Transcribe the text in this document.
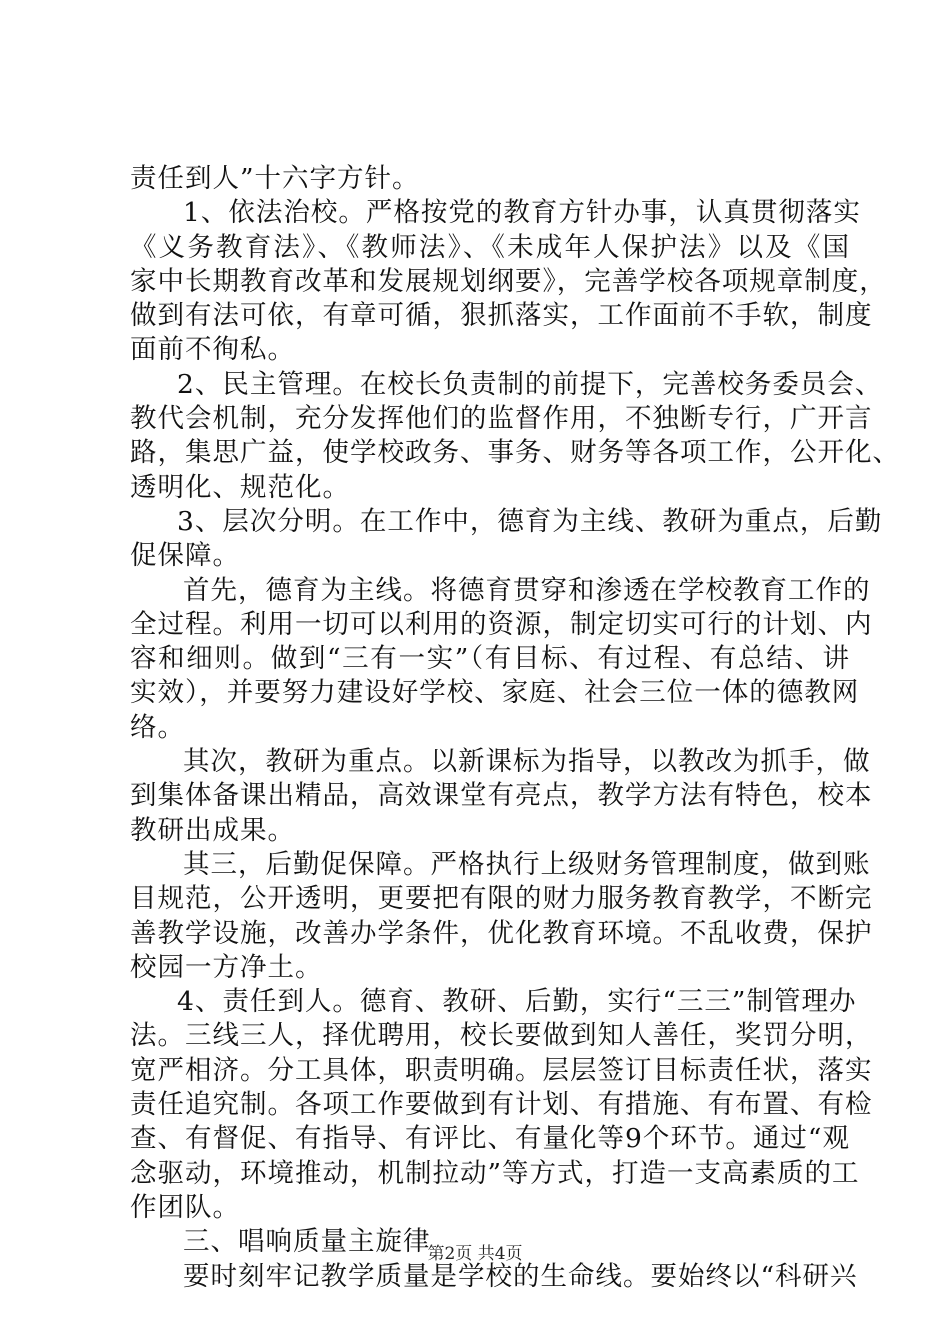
责任到人”十六字方针。
1、依法治校。严格按党的教育方针办事，认真贯彻落实
《义务教育法》、《教师法》、《未成年人保护法》以及《国
家中长期教育改革和发展规划纲要》，完善学校各项规章制度，
做到有法可依，有章可循，狠抓落实，工作面前不手软，制度
面前不徇私。
2、民主管理。在校长负责制的前提下，完善校务委员会、
教代会机制，充分发挥他们的监督作用，不独断专行，广开言
路，集思广益，使学校政务、事务、财务等各项工作，公开化、
透明化、规范化。
3、层次分明。在工作中，德育为主线、教研为重点，后勤
促保障。
首先，德育为主线。将德育贯穿和渗透在学校教育工作的
全过程。利用一切可以利用的资源，制定切实可行的计划、内
容和细则。做到“三有一实”（有目标、有过程、有总结、讲
实效），并要努力建设好学校、家庭、社会三位一体的德教网
络。
其次，教研为重点。以新课标为指导，以教改为抓手，做
到集体备课出精品，高效课堂有亮点，教学方法有特色，校本
教研出成果。
其三，后勤促保障。严格执行上级财务管理制度，做到账
目规范，公开透明，更要把有限的财力服务教育教学，不断完
善教学设施，改善办学条件，优化教育环境。不乱收费，保护
校园一方净土。
4、责任到人。德育、教研、后勤，实行“三三”制管理办
法。三线三人，择优聘用，校长要做到知人善任，奖罚分明，
宽严相济。分工具体，职责明确。层层签订目标责任状，落实
责任追究制。各项工作要做到有计划、有措施、有布置、有检
查、有督促、有指导、有评比、有量化等9个环节。通过“观
念驱动，环境推动，机制拉动”等方式，打造一支高素质的工
作团队。
三、唱响质量主旋律
要时刻牢记教学质量是学校的生命线。要始终以“科研兴
第2页 共4页
